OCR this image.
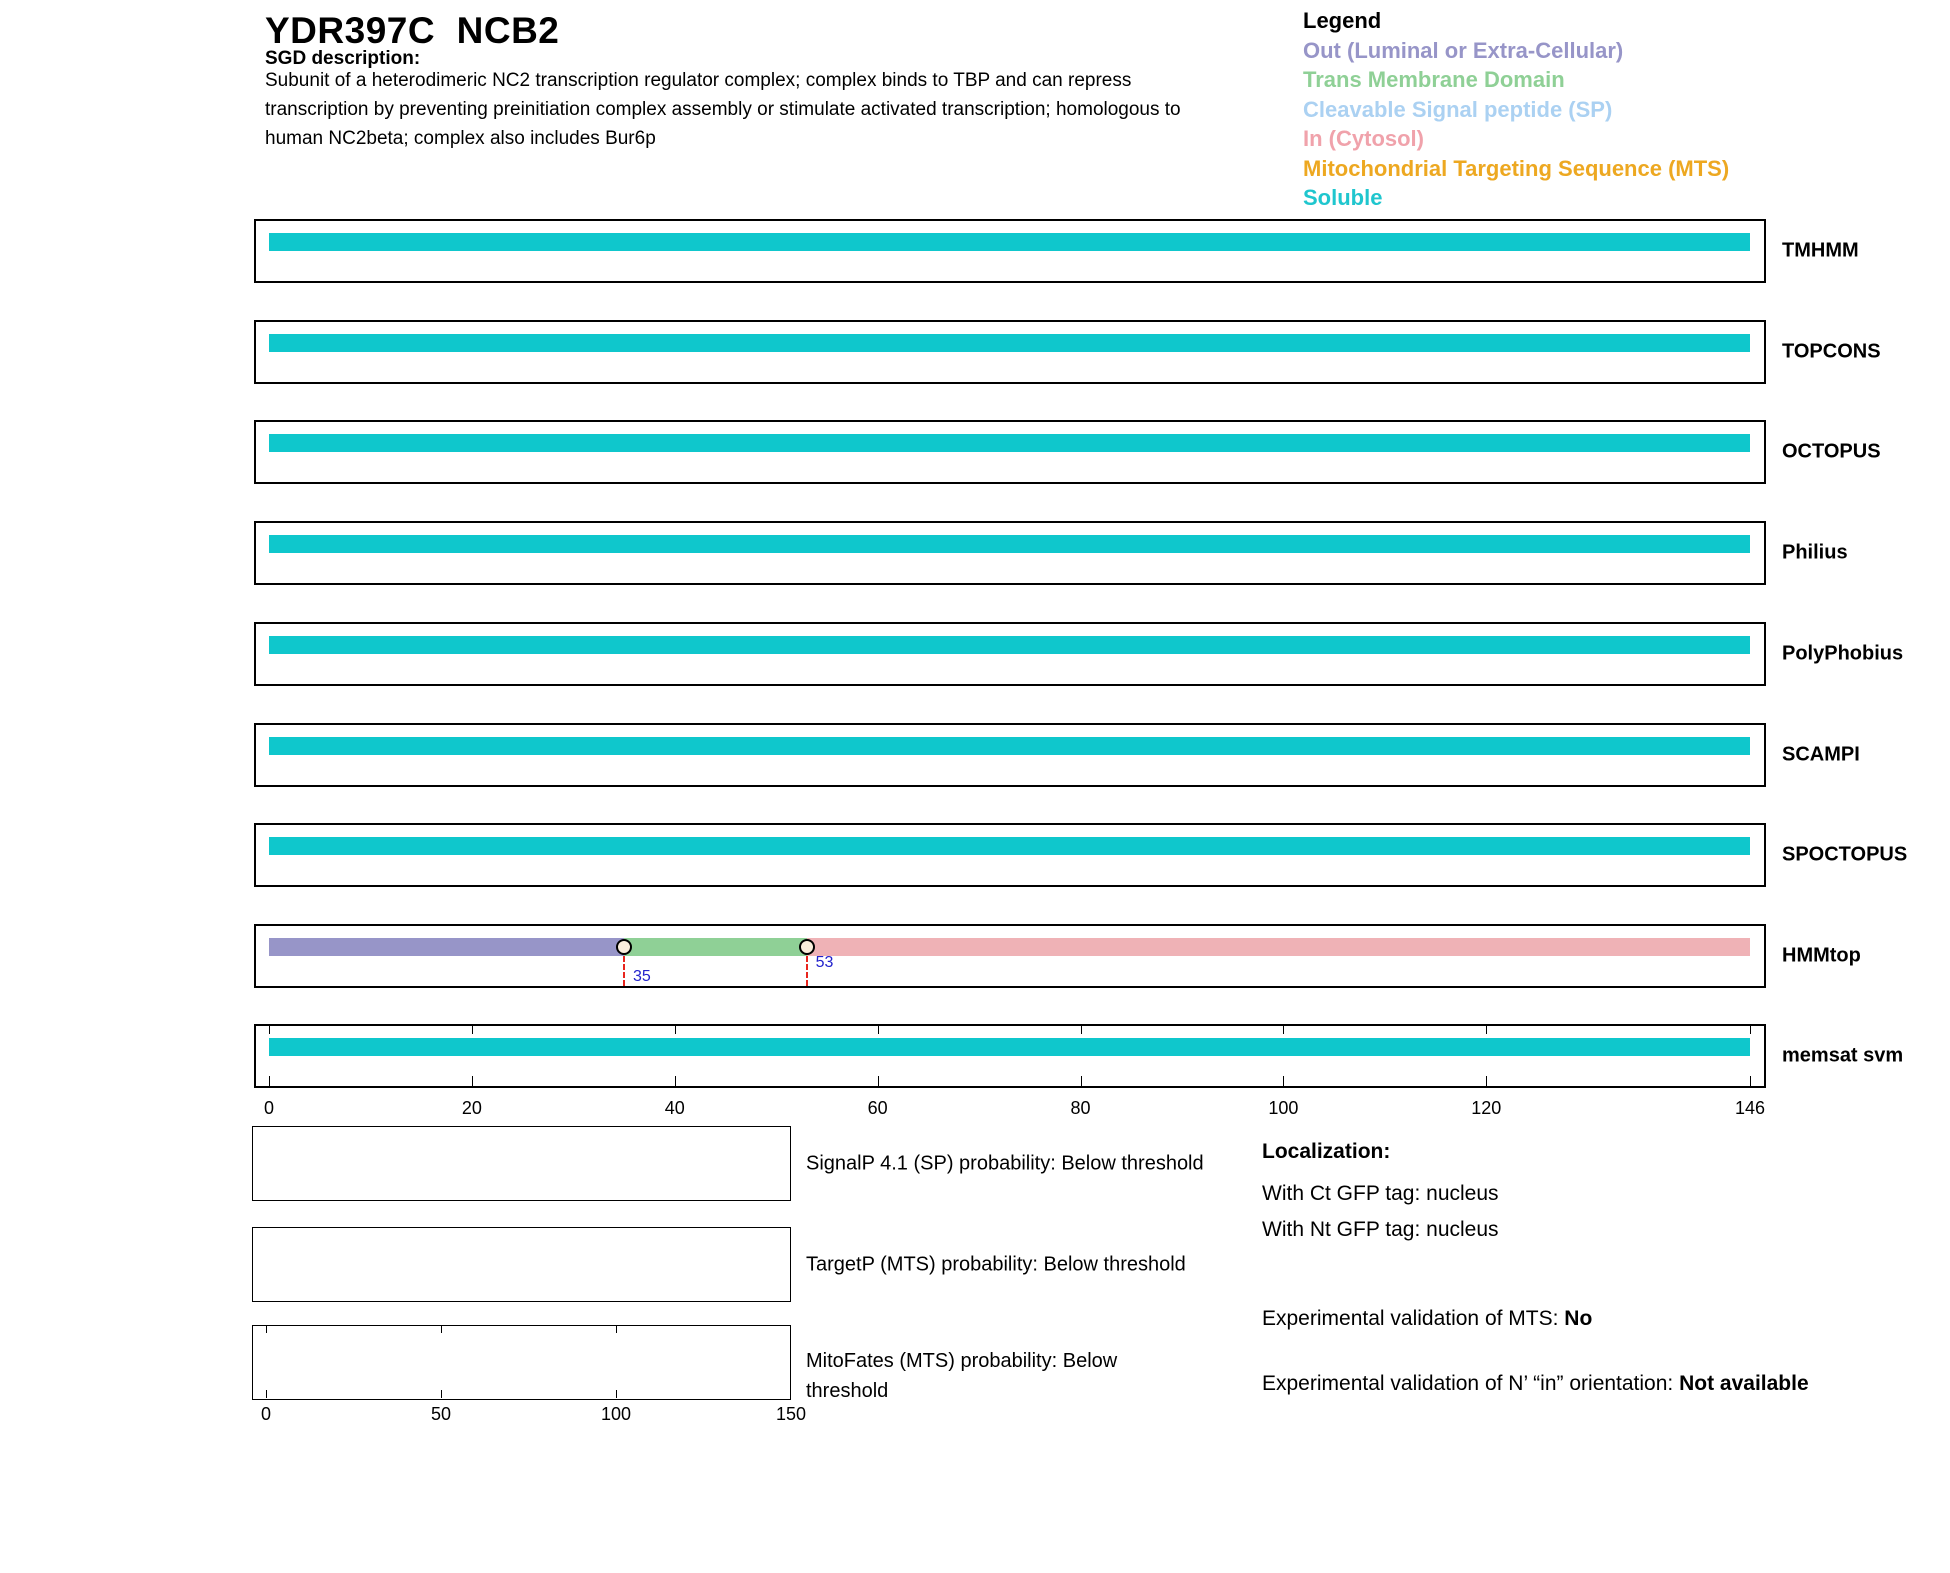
YDR397C  NCB2
SGD description:
Subunit of a heterodimeric NC2 transcription regulator complex; complex binds to TBP and can repress
transcription by preventing preinitiation complex assembly or stimulate activated transcription; homologous to
human NC2beta; complex also includes Bur6p
Legend
Out (Luminal or Extra-Cellular)
Trans Membrane Domain
Cleavable Signal peptide (SP)
In (Cytosol)
Mitochondrial Targeting Sequence (MTS)
Soluble
TMHMM
TOPCONS
OCTOPUS
Philius
PolyPhobius
SCAMPI
SPOCTOPUS
35
53	HMMtop
memsat svm
0	20	40	60	80	100	120	146
SignalP 4.1 (SP) probability: Below threshold
TargetP (MTS) probability: Below threshold
0	50	100	150
MitoFates (MTS) probability: Below threshold
Localization:
With Ct GFP tag: nucleus
With Nt GFP tag: nucleus
Experimental validation of MTS: No
Experimental validation of N’ “in” orientation: Not available
